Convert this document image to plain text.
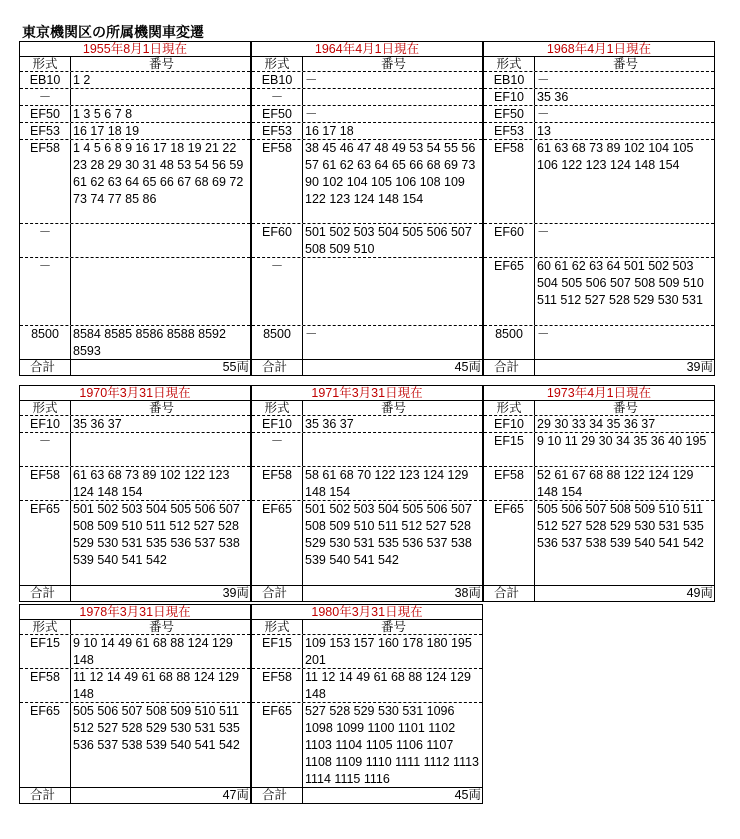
東京機関区の所属機関車変遷
1955年8月1日現在
形式	番号
EB10	1 2
－
EF50	1 3 5 6 7 8
EF53	16 17 18 19
EF58	1 4 5 6 8 9 16 17 18 19 21 22 23 28 29 30 31 48 53 54 56 59 61 62 63 64 65 66 67 68 69 72 73 74 77 85 86
－
－
8500	8584 8585 8586 8588 8592 8593
合計	55両
1964年4月1日現在
形式	番号
EB10	－
－
EF50	－
EF53	16 17 18
EF58	38 45 46 47 48 49 53 54 55 56 57 61 62 63 64 65 66 68 69 73 90 102 104 105 106 108 109 122 123 124 148 154
EF60	501 502 503 504 505 506 507 508 509 510
－
8500	－
合計	45両
1968年4月1日現在
形式	番号
EB10	－
EF10	35 36
EF50	－
EF53	13
EF58	61 63 68 73 89 102 104 105 106 122 123 124 148 154
EF60	－
EF65	60 61 62 63 64 501 502 503 504 505 506 507 508 509 510 511 512 527 528 529 530 531
8500	－
合計	39両
1970年3月31日現在
形式	番号
EF10	35 36 37
－
EF58	61 63 68 73 89 102 122 123 124 148 154
EF65	501 502 503 504 505 506 507 508 509 510 511 512 527 528 529 530 531 535 536 537 538 539 540 541 542
合計	39両
1971年3月31日現在
形式	番号
EF10	35 36 37
－
EF58	58 61 68 70 122 123 124 129 148 154
EF65	501 502 503 504 505 506 507 508 509 510 511 512 527 528 529 530 531 535 536 537 538 539 540 541 542
合計	38両
1973年4月1日現在
形式	番号
EF10	29 30 33 34 35 36 37
EF15	9 10 11 29 30 34 35 36 40 195
EF58	52 61 67 68 88 122 124 129 148 154
EF65	505 506 507 508 509 510 511 512 527 528 529 530 531 535 536 537 538 539 540 541 542
合計	49両
1978年3月31日現在
形式	番号
EF15	9 10 14 49 61 68 88 124 129 148
EF58	11 12 14 49 61 68 88 124 129 148
EF65	505 506 507 508 509 510 511 512 527 528 529 530 531 535 536 537 538 539 540 541 542
合計	47両
1980年3月31日現在
形式	番号
EF15	109 153 157 160 178 180 195 201
EF58	11 12 14 49 61 68 88 124 129 148
EF65	527 528 529 530 531 1096 1098 1099 1100 1101 1102 1103 1104 1105 1106 1107 1108 1109 1110 1111 1112 1113 1114 1115 1116
合計	45両
